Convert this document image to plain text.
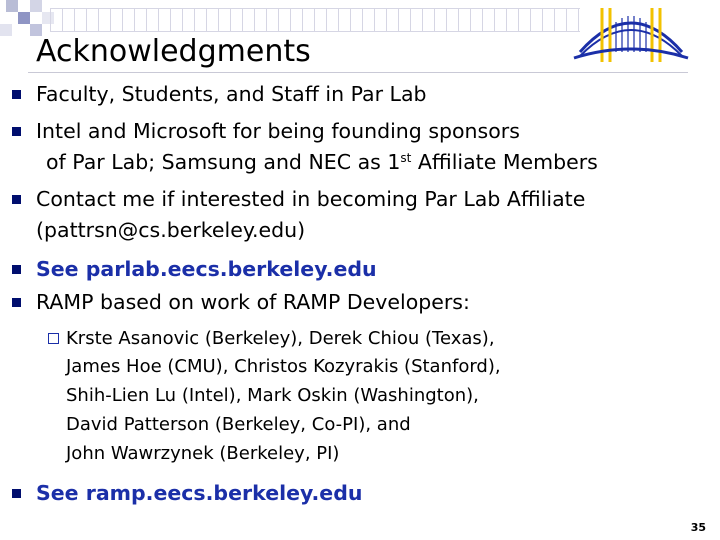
Acknowledgments
Faculty, Students, and Staff in Par Lab
Intel and Microsoft for being founding sponsors
of Par Lab; Samsung and NEC as 1st Affiliate Members
Contact me if interested in becoming Par Lab Affiliate
(pattrsn@cs.berkeley.edu)
See parlab.eecs.berkeley.edu
RAMP based on work of RAMP Developers:
Krste Asanovic (Berkeley), Derek Chiou (Texas),
James Hoe (CMU), Christos Kozyrakis (Stanford),
Shih-Lien Lu (Intel), Mark Oskin (Washington),
David Patterson (Berkeley, Co-PI), and
John Wawrzynek (Berkeley, PI)
See ramp.eecs.berkeley.edu
35
